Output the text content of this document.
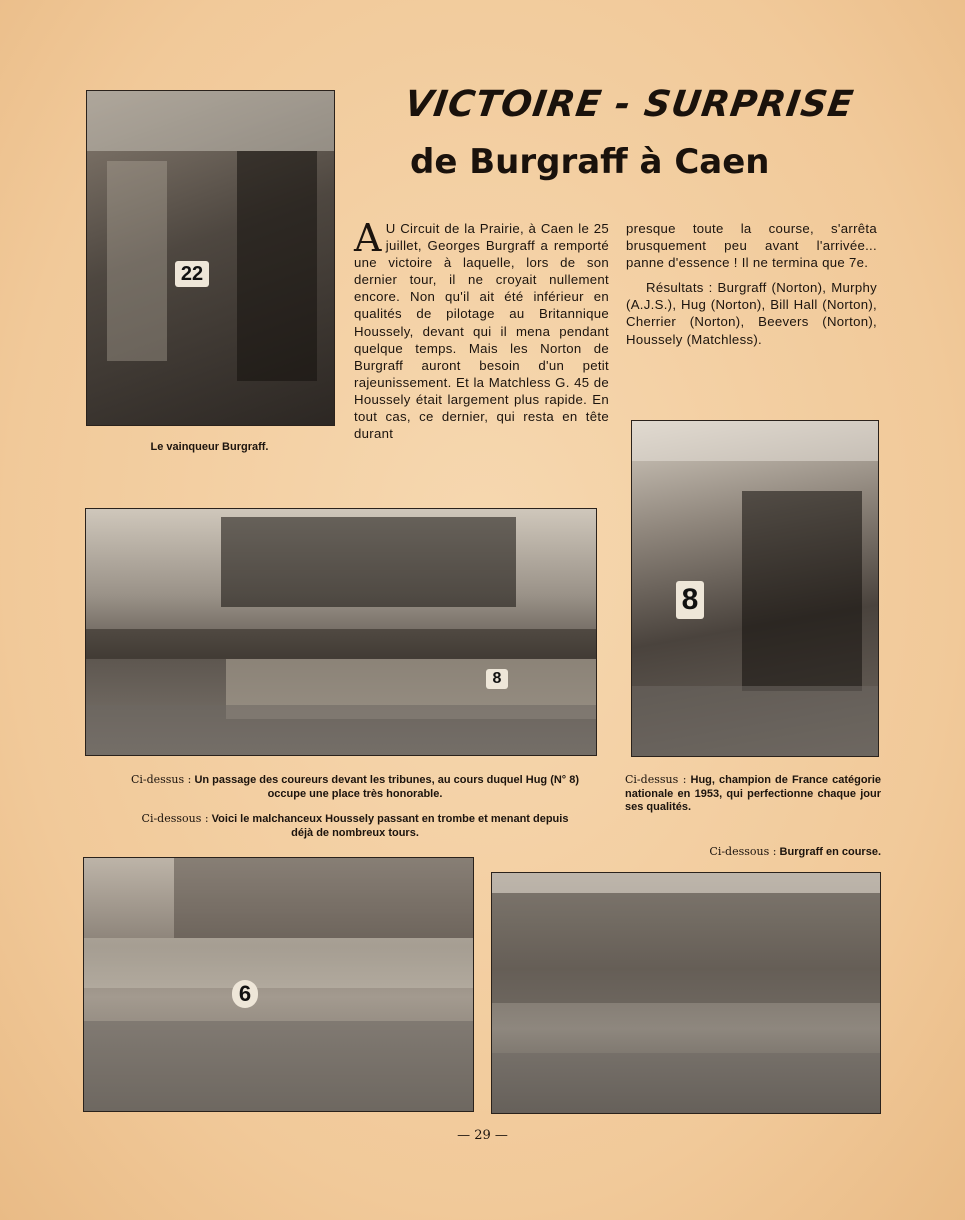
22
Le vainqueur Burgraff.
VICTOIRE - SURPRISE
de Burgraff à Caen

A U Circuit de la Prairie, à Caen le 25 juillet, Georges Burgraff a remporté une victoire à laquelle, lors de son dernier tour, il ne croyait nullement encore. Non qu'il ait été inférieur en qualités de pilotage au Britannique Houssely, devant qui il mena pendant quelque temps. Mais les Norton de Burgraff auront besoin d'un petit rajeunissement. Et la Matchless G. 45 de Houssely était largement plus rapide. En tout cas, ce dernier, qui resta en tête durant

presque toute la course, s'arrêta brusquement peu avant l'arrivée... panne d'essence ! Il ne termina que 7e.

Résultats : Burgraff (Norton), Murphy (A.J.S.), Hug (Norton), Bill Hall (Norton), Cherrier (Norton), Beevers (Norton), Houssely (Matchless).

8
8
Ci-dessus : Un passage des coureurs devant les tribunes, au cours duquel Hug (N° 8) occupe une place très honorable.
Ci-dessous : Voici le malchanceux Houssely passant en trombe et menant depuis déjà de nombreux tours.
Ci-dessus : Hug, champion de France catégorie nationale en 1953, qui perfectionne chaque jour ses qualités.
Ci-dessous : Burgraff en course.
6
— 29 —
